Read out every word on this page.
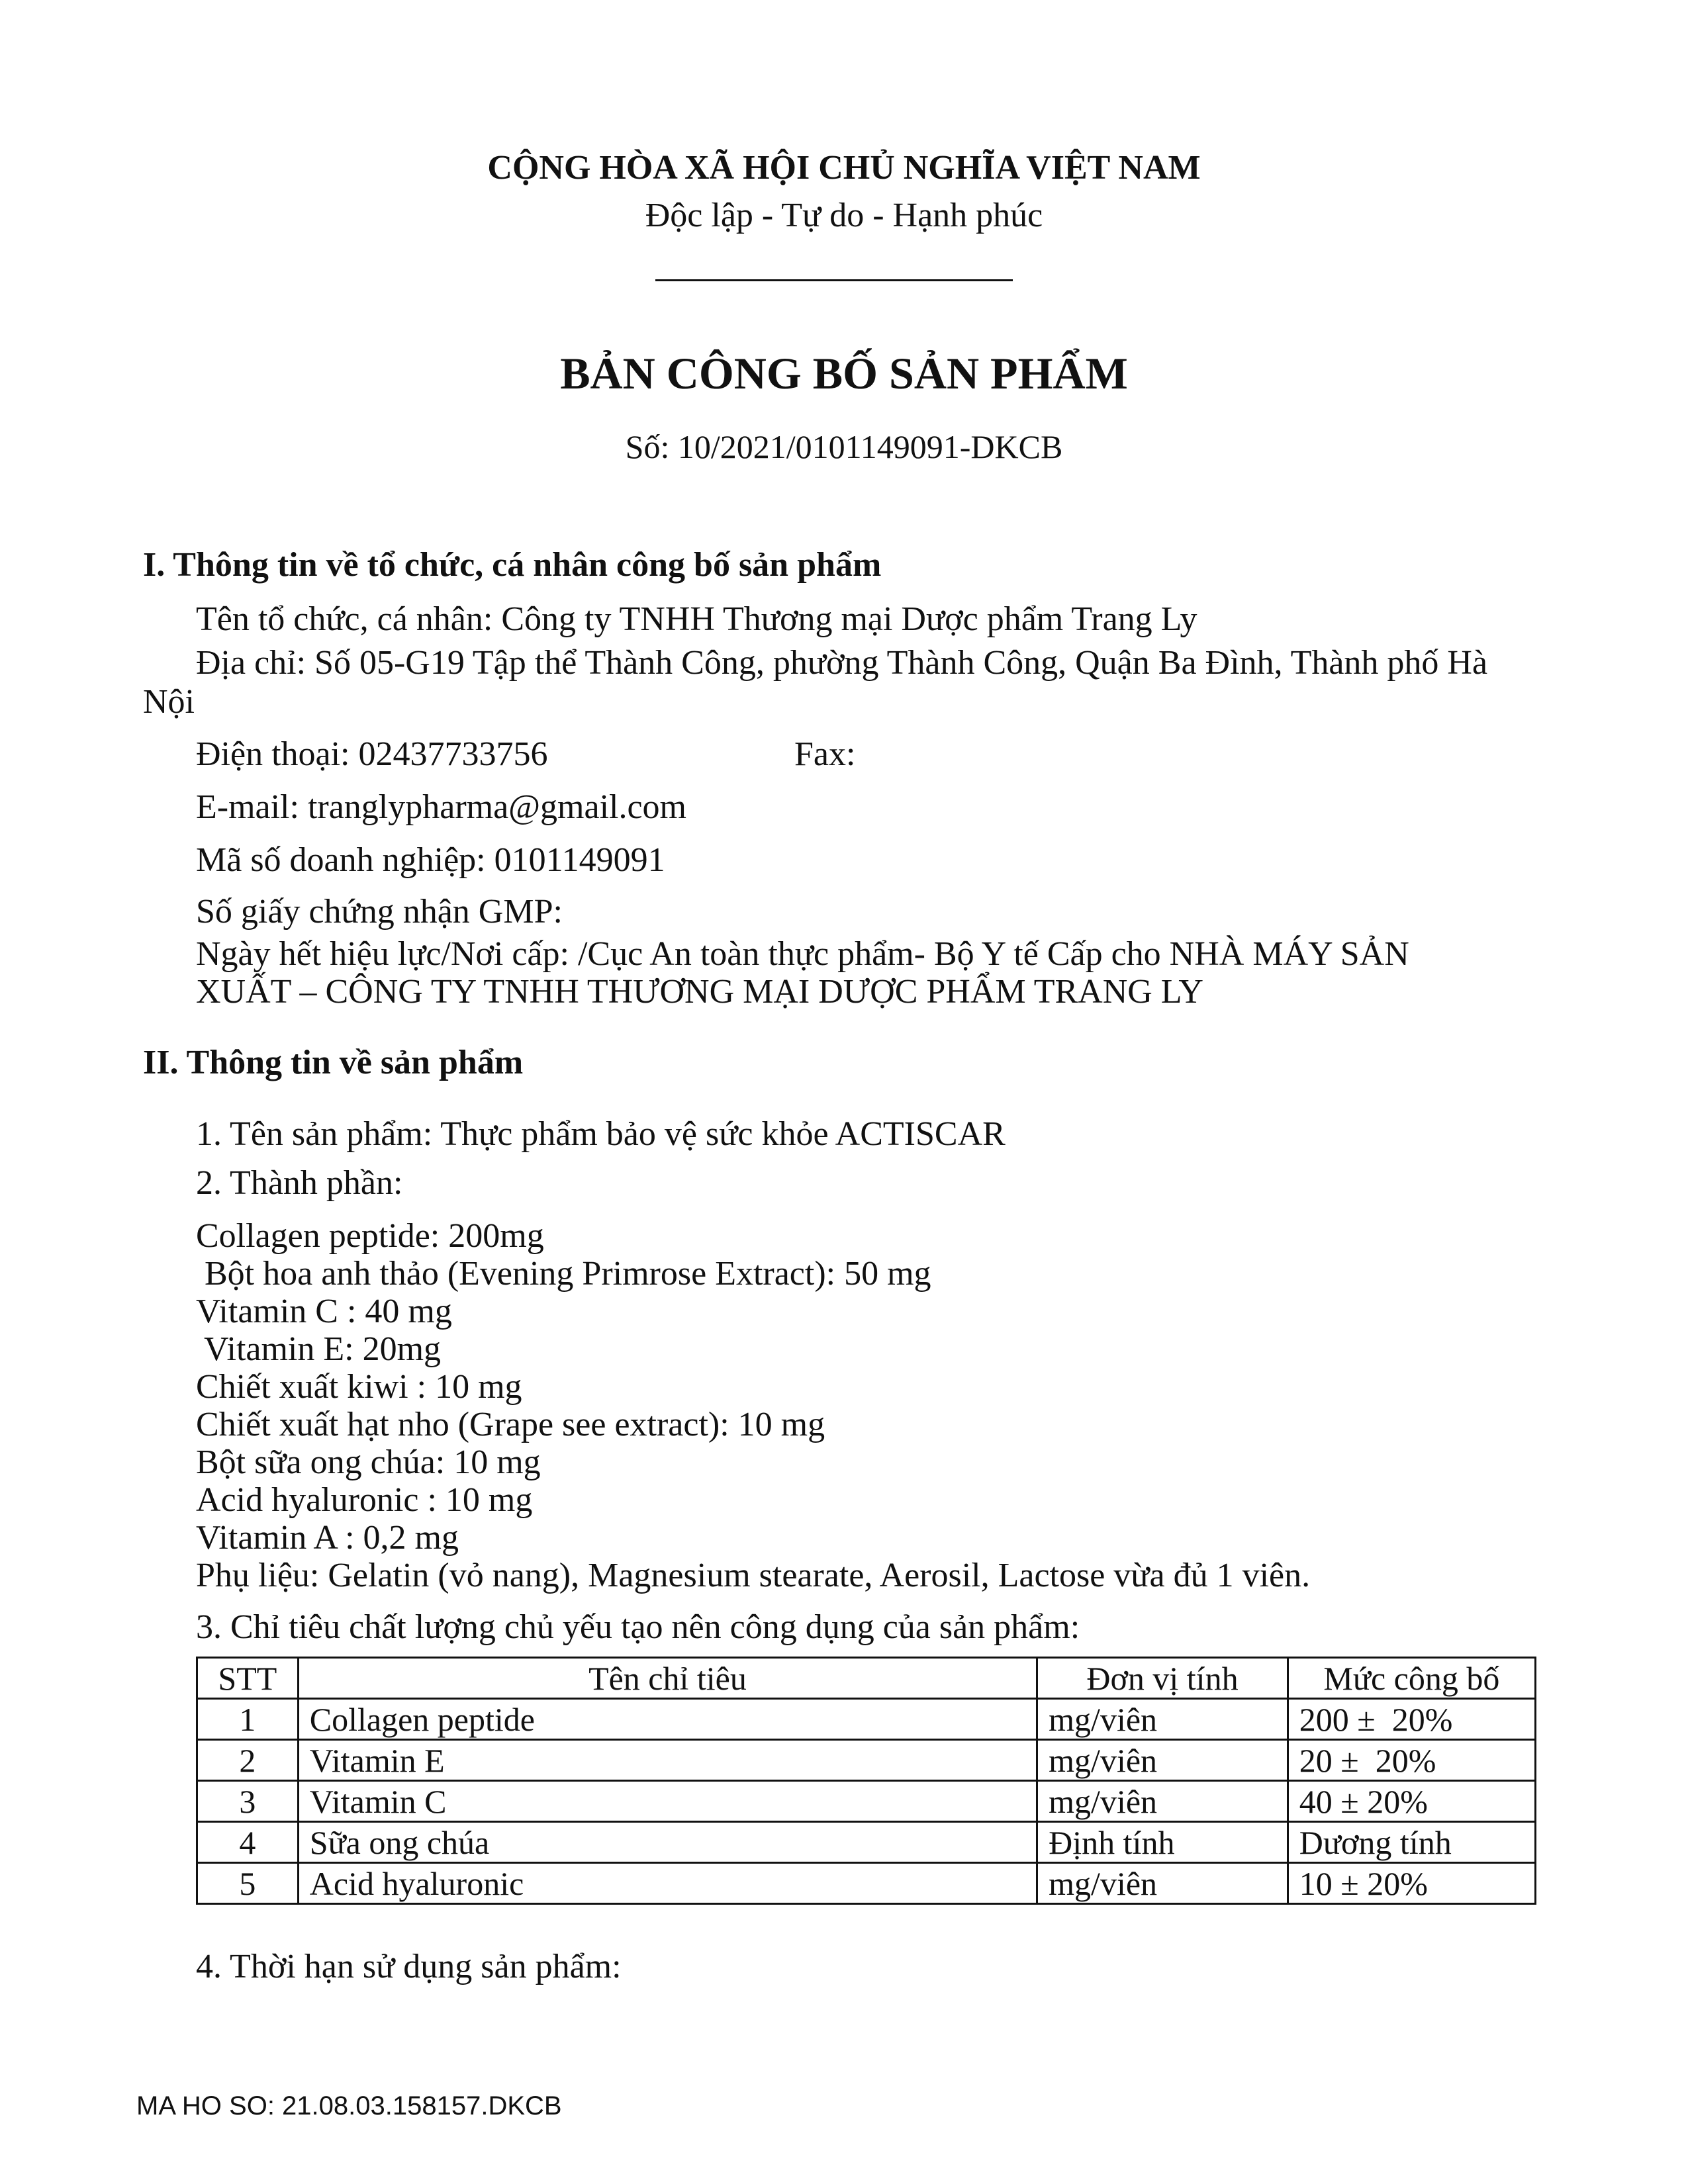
CỘNG HÒA XÃ HỘI CHỦ NGHĨA VIỆT NAM
Độc lập - Tự do - Hạnh phúc
BẢN CÔNG BỐ SẢN PHẨM
Số: 10/2021/0101149091-DKCB
I. Thông tin về tổ chức, cá nhân công bố sản phẩm
Tên tổ chức, cá nhân: Công ty TNHH Thương mại Dược phẩm Trang Ly
Địa chỉ: Số 05-G19 Tập thể Thành Công, phường Thành Công, Quận Ba Đình, Thành phố Hà
Nội
Điện thoại: 02437733756	Fax:
E-mail: tranglypharma@gmail.com
Mã số doanh nghiệp: 0101149091
Số giấy chứng nhận GMP:
Ngày hết hiệu lực/Nơi cấp: /Cục An toàn thực phẩm- Bộ Y tế Cấp cho NHÀ MÁY SẢN
XUẤT – CÔNG TY TNHH THƯƠNG MẠI DƯỢC PHẨM TRANG LY
II. Thông tin về sản phẩm
1. Tên sản phẩm: Thực phẩm bảo vệ sức khỏe ACTISCAR
2. Thành phần:
Collagen peptide: 200mg
Bột hoa anh thảo (Evening Primrose Extract): 50 mg
Vitamin C : 40 mg
Vitamin E: 20mg
Chiết xuất kiwi : 10 mg
Chiết xuất hạt nho (Grape see extract): 10 mg
Bột sữa ong chúa: 10 mg
Acid hyaluronic : 10 mg
Vitamin A : 0,2 mg
Phụ liệu: Gelatin (vỏ nang), Magnesium stearate, Aerosil, Lactose vừa đủ 1 viên.
3. Chỉ tiêu chất lượng chủ yếu tạo nên công dụng của sản phẩm:
STT	Tên chỉ tiêu	Đơn vị tính	Mức công bố
1	Collagen peptide	mg/viên	200 ±  20%
2	Vitamin E	mg/viên	20 ±  20%
3	Vitamin C	mg/viên	40 ± 20%
4	Sữa ong chúa	Định tính	Dương tính
5	Acid hyaluronic	mg/viên	10 ± 20%
4. Thời hạn sử dụng sản phẩm:
MA HO SO: 21.08.03.158157.DKCB
